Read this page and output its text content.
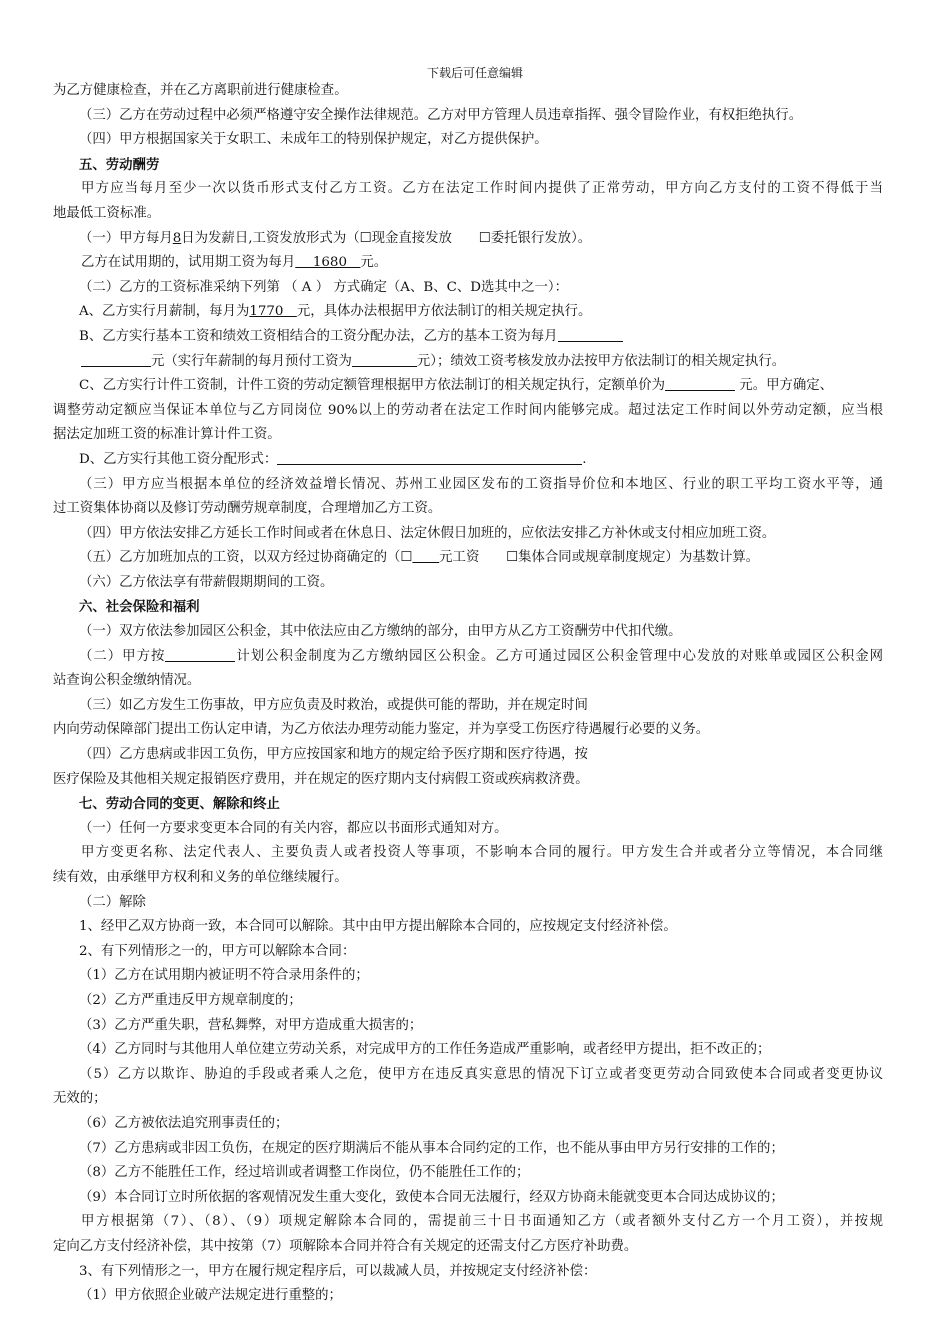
下载后可任意编辑
为乙方健康检查，并在乙方离职前进行健康检查。
（三）乙方在劳动过程中必须严格遵守安全操作法律规范。乙方对甲方管理人员违章指挥、强令冒险作业，有权拒绝执行。
（四）甲方根据国家关于女职工、未成年工的特别保护规定，对乙方提供保护。
五、劳动酬劳
甲方应当每月至少一次以货币形式支付乙方工资。乙方在法定工作时间内提供了正常劳动，甲方向乙方支付的工资不得低于当
地最低工资标准。
（一）甲方每月8日为发薪日,工资发放形式为（☐现金直接发放　　☐委托银行发放）。
乙方在试用期的，试用期工资为每月　 1680　元。
（二）乙方的工资标准采纳下列第 （ A ） 方式确定（A、B、C、D选其中之一）：
A、乙方实行月薪制，每月为1770　元，具体办法根据甲方依法制订的相关规定执行。
B、乙方实行基本工资和绩效工资相结合的工资分配办法，乙方的基本工资为每月
元（实行年薪制的每月预付工资为	元）；绩效工资考核发放办法按甲方依法制订的相关规定执行。
C、乙方实行计件工资制，计件工资的劳动定额管理根据甲方依法制订的相关规定执行，定额单价为	元。甲方确定、
调整劳动定额应当保证本单位与乙方同岗位 90%以上的劳动者在法定工作时间内能够完成。超过法定工作时间以外劳动定额，应当根
据法定加班工资的标准计算计件工资。
D、乙方实行其他工资分配形式：	.
（三）甲方应当根据本单位的经济效益增长情况、苏州工业园区发布的工资指导价位和本地区、行业的职工平均工资水平等，通
过工资集体协商以及修订劳动酬劳规章制度，合理增加乙方工资。
（四）甲方依法安排乙方延长工作时间或者在休息日、法定休假日加班的，应依法安排乙方补休或支付相应加班工资。
（五）乙方加班加点的工资，以双方经过协商确定的（☐　　 元工资　　☐集体合同或规章制度规定）为基数计算。
（六）乙方依法享有带薪假期期间的工资。
六、社会保险和福利
（一）双方依法参加园区公积金，其中依法应由乙方缴纳的部分，由甲方从乙方工资酬劳中代扣代缴。
（二）甲方按	计划公积金制度为乙方缴纳园区公积金。乙方可通过园区公积金管理中心发放的对账单或园区公积金网
站查询公积金缴纳情况。
（三）如乙方发生工伤事故，甲方应负责及时救治，或提供可能的帮助，并在规定时间
内向劳动保障部门提出工伤认定申请，为乙方依法办理劳动能力鉴定，并为享受工伤医疗待遇履行必要的义务。
（四）乙方患病或非因工负伤，甲方应按国家和地方的规定给予医疗期和医疗待遇，按
医疗保险及其他相关规定报销医疗费用，并在规定的医疗期内支付病假工资或疾病救济费。
七、劳动合同的变更、解除和终止
（一）任何一方要求变更本合同的有关内容，都应以书面形式通知对方。
甲方变更名称、法定代表人、主要负责人或者投资人等事项，不影响本合同的履行。甲方发生合并或者分立等情况，本合同继
续有效，由承继甲方权利和义务的单位继续履行。
（二）解除
1、经甲乙双方协商一致，本合同可以解除。其中由甲方提出解除本合同的，应按规定支付经济补偿。
2、有下列情形之一的，甲方可以解除本合同：
（1）乙方在试用期内被证明不符合录用条件的；
（2）乙方严重违反甲方规章制度的；
（3）乙方严重失职，营私舞弊，对甲方造成重大损害的；
（4）乙方同时与其他用人单位建立劳动关系，对完成甲方的工作任务造成严重影响，或者经甲方提出，拒不改正的；
（5）乙方以欺诈、胁迫的手段或者乘人之危，使甲方在违反真实意思的情况下订立或者变更劳动合同致使本合同或者变更协议
无效的；
（6）乙方被依法追究刑事责任的；
（7）乙方患病或非因工负伤，在规定的医疗期满后不能从事本合同约定的工作，也不能从事由甲方另行安排的工作的；
（8）乙方不能胜任工作，经过培训或者调整工作岗位，仍不能胜任工作的；
（9）本合同订立时所依据的客观情况发生重大变化，致使本合同无法履行，经双方协商未能就变更本合同达成协议的；
甲方根据第（7）、（8）、（9）项规定解除本合同的，需提前三十日书面通知乙方（或者额外支付乙方一个月工资），并按规
定向乙方支付经济补偿，其中按第（7）项解除本合同并符合有关规定的还需支付乙方医疗补助费。
3、有下列情形之一，甲方在履行规定程序后，可以裁减人员，并按规定支付经济补偿：
（1）甲方依照企业破产法规定进行重整的；
